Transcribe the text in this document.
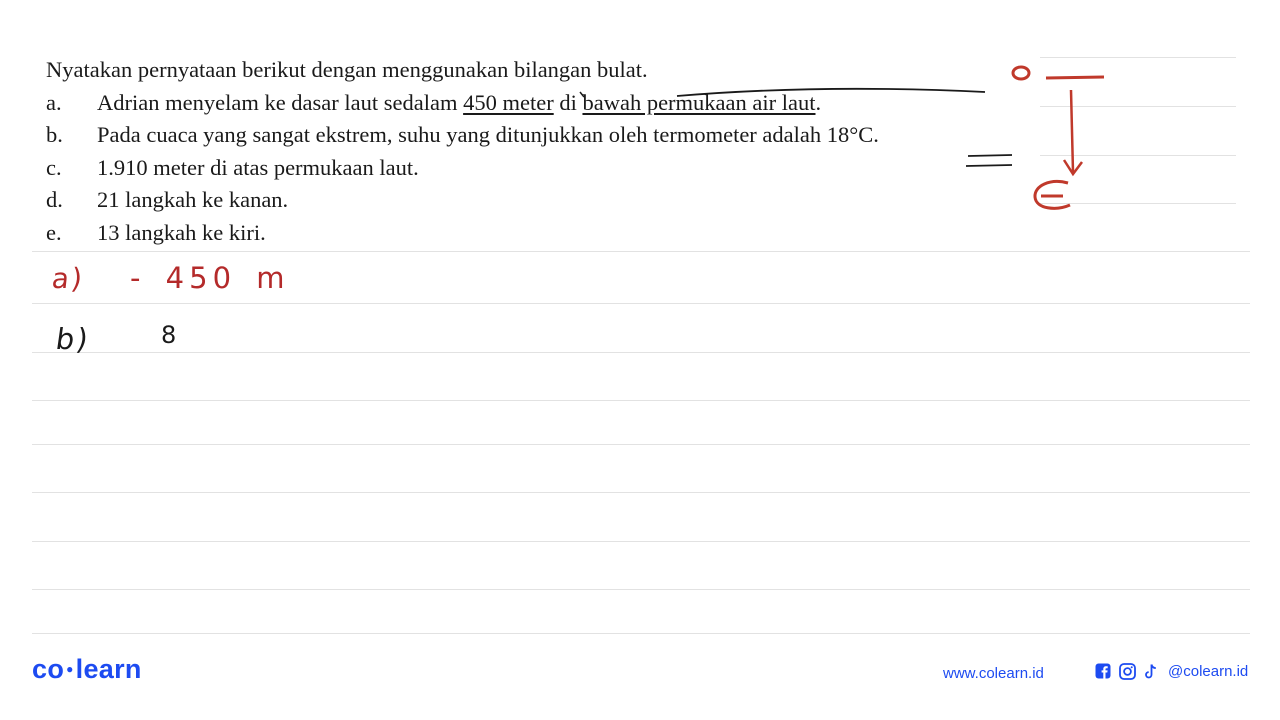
Nyatakan pernyataan berikut dengan menggunakan bilangan bulat.
a.	Adrian menyelam ke dasar laut sedalam 450 meter di bawah permukaan air laut.
b.	Pada cuaca yang sangat ekstrem, suhu yang ditunjukkan oleh termometer adalah 18°C.
c.	1.910 meter di atas permukaan laut.
d.	21 langkah ke kanan.
e.	13 langkah ke kiri.
a) - 450 m
b)	8
co ●learn	www.colearn.id	@colearn.id
